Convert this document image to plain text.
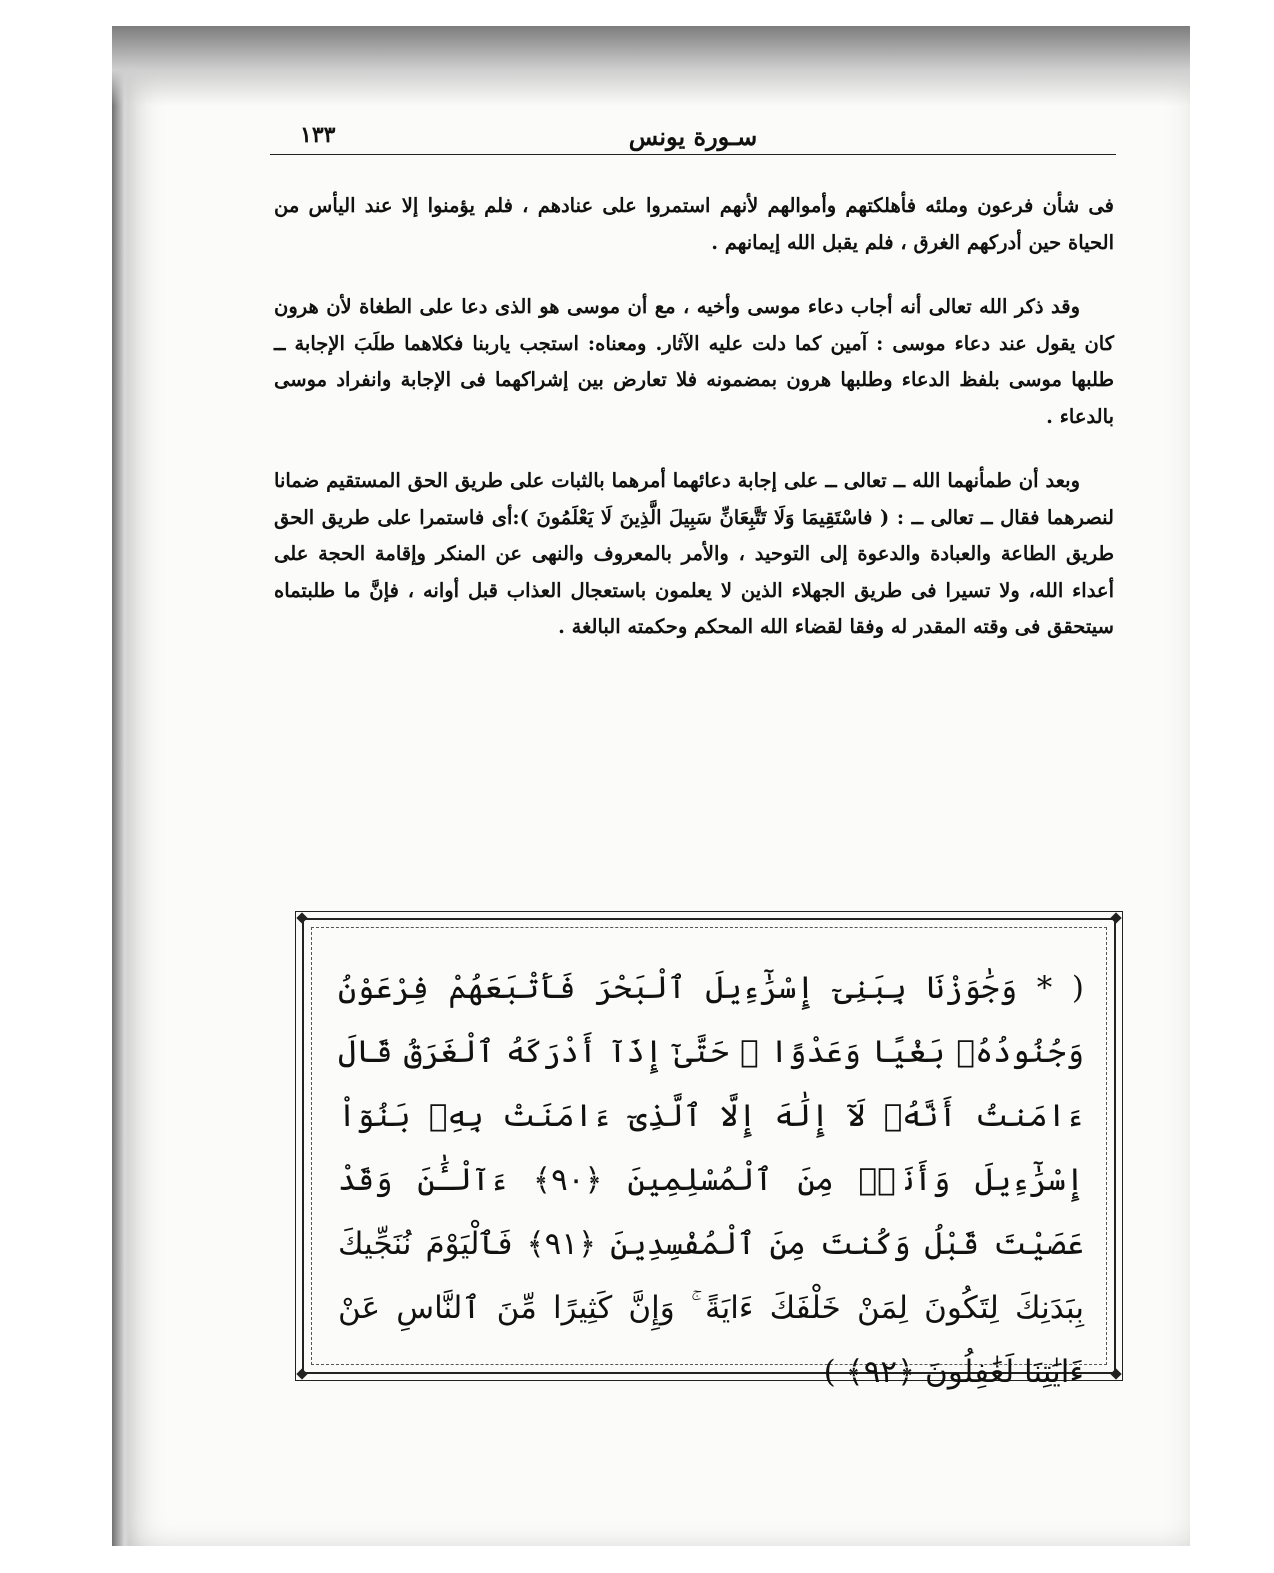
سـورة يونس
١٣٣

فى شأن فرعون وملئه فأهلكتهم وأموالهم لأنهم استمروا على عنادهم ، فلم يؤمنوا إلا عند اليأس من الحياة حين أدركهم الغرق ، فلم يقبل الله إيمانهم .

وقد ذكر الله تعالى أنه أجاب دعاء موسى وأخيه ، مع أن موسى هو الذى دعا على الطغاة لأن هرون كان يقول عند دعاء موسى : آمين كما دلت عليه الآثار. ومعناه: استجب ياربنا فكلاهما طلَبَ الإجابة ــ طلبها موسى بلفظ الدعاء وطلبها هرون بمضمونه فلا تعارض بين إشراكهما فى الإجابة وانفراد موسى بالدعاء .

وبعد أن طمأنهما الله ــ تعالى ــ على إجابة دعائهما أمرهما بالثبات على طريق الحق المستقيم ضمانا لنصرهما فقال ــ تعالى ــ : ( فاسْتَقِيمَا وَلَا تَتَّبِعَانِّ سَبِيلَ الَّذِينَ لَا يَعْلَمُونَ ):أى فاستمرا على طريق الحق طريق الطاعة والعبادة والدعوة إلى التوحيد ، والأمر بالمعروف والنهى عن المنكر وإقامة الحجة على أعداء الله، ولا تسيرا فى طريق الجهلاء الذين لا يعلمون باستعجال العذاب قبل أوانه ، فإنَّ ما طلبتماه سيتحقق فى وقته المقدر له وفقا لقضاء الله المحكم وحكمته البالغة .

( * وَجَٰوَزْنَا بِبَنِىٓ إِسْرَٰٓءِيلَ ٱلْبَحْرَ فَأَتْبَعَهُمْ فِرْعَوْنُ وَجُنُودُهُۥ بَغْيًا وَعَدْوًا ۖ حَتَّىٰٓ إِذَآ أَدْرَكَهُ ٱلْغَرَقُ قَالَ ءَامَنتُ أَنَّهُۥ لَآ إِلَٰهَ إِلَّا ٱلَّذِىٓ ءَامَنَتْ بِهِۦ بَنُوٓاْ إِسْرَٰٓءِيلَ وَأَنَا۠ مِنَ ٱلْمُسْلِمِينَ ﴿٩٠﴾ ءَآلْـَٰٔنَ وَقَدْ عَصَيْتَ قَبْلُ وَكُنتَ مِنَ ٱلْمُفْسِدِينَ ﴿٩١﴾ فَٱلْيَوْمَ نُنَجِّيكَ بِبَدَنِكَ لِتَكُونَ لِمَنْ خَلْفَكَ ءَايَةً ۚ وَإِنَّ كَثِيرًا مِّنَ ٱلنَّاسِ عَنْ ءَايَٰتِنَا لَغَٰفِلُونَ ﴿٩٢﴾ )
